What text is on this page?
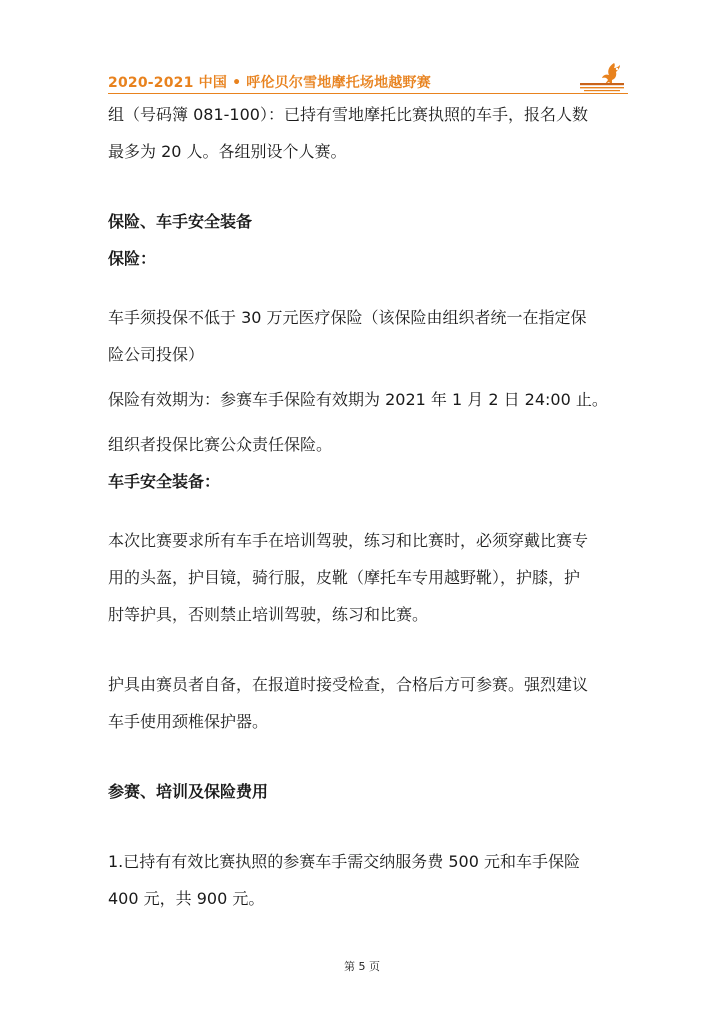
2020-2021 中国 • 呼伦贝尔雪地摩托场地越野赛

组（号码簿 081-100）：已持有雪地摩托比赛执照的车手，报名人数

最多为 20 人。各组别设个人赛。

保险、车手安全装备

保险：

车手须投保不低于 30 万元医疗保险（该保险由组织者统一在指定保

险公司投保）

保险有效期为：参赛车手保险有效期为 2021 年 1 月 2 日 24:00 止。

组织者投保比赛公众责任保险。

车手安全装备：

本次比赛要求所有车手在培训驾驶，练习和比赛时，必须穿戴比赛专

用的头盔，护目镜，骑行服，皮靴（摩托车专用越野靴），护膝，护

肘等护具，否则禁止培训驾驶，练习和比赛。

护具由赛员者自备，在报道时接受检查，合格后方可参赛。强烈建议

车手使用颈椎保护器。

参赛、培训及保险费用

1.已持有有效比赛执照的参赛车手需交纳服务费 500 元和车手保险

400 元，共 900 元。

第 5 页
